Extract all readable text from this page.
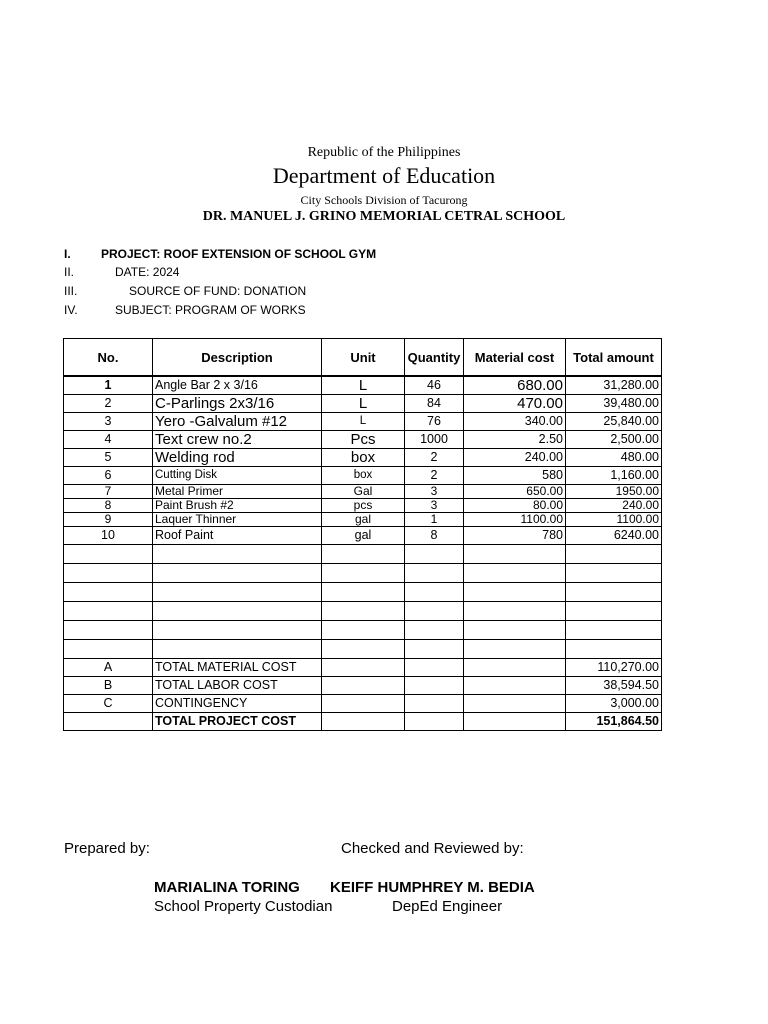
Republic of the Philippines
Department of Education
City Schools Division of Tacurong
DR. MANUEL J. GRINO MEMORIAL CETRAL SCHOOL
I.	PROJECT: ROOF EXTENSION OF SCHOOL GYM
II.	DATE: 2024
III.	SOURCE OF FUND: DONATION
IV.	SUBJECT: PROGRAM OF WORKS
No.	Description	Unit	Quantity	Material cost	Total amount
1	Angle Bar 2 x 3/16	L	46	680.00	31,280.00
2	C-Parlings 2x3/16	L	84	470.00	39,480.00
3	Yero -Galvalum #12	L	76	340.00	25,840.00
4	Text crew no.2	Pcs	1000	2.50	2,500.00
5	Welding rod	box	2	240.00	480.00
6	Cutting Disk	box	2	580	1,160.00
7	Metal Primer	Gal	3	650.00	1950.00
8	Paint Brush #2	pcs	3	80.00	240.00
9	Laquer Thinner	gal	1	1100.00	1100.00
10	Roof Paint	gal	8	780	6240.00

A	TOTAL MATERIAL COST				110,270.00
B	TOTAL LABOR COST				38,594.50
C	CONTINGENCY				3,000.00
	TOTAL PROJECT COST				151,864.50
Prepared by:	Checked and Reviewed by:
MARIALINA TORING KEIFF HUMPHREY M. BEDIA
School Property Custodian	DepEd Engineer
